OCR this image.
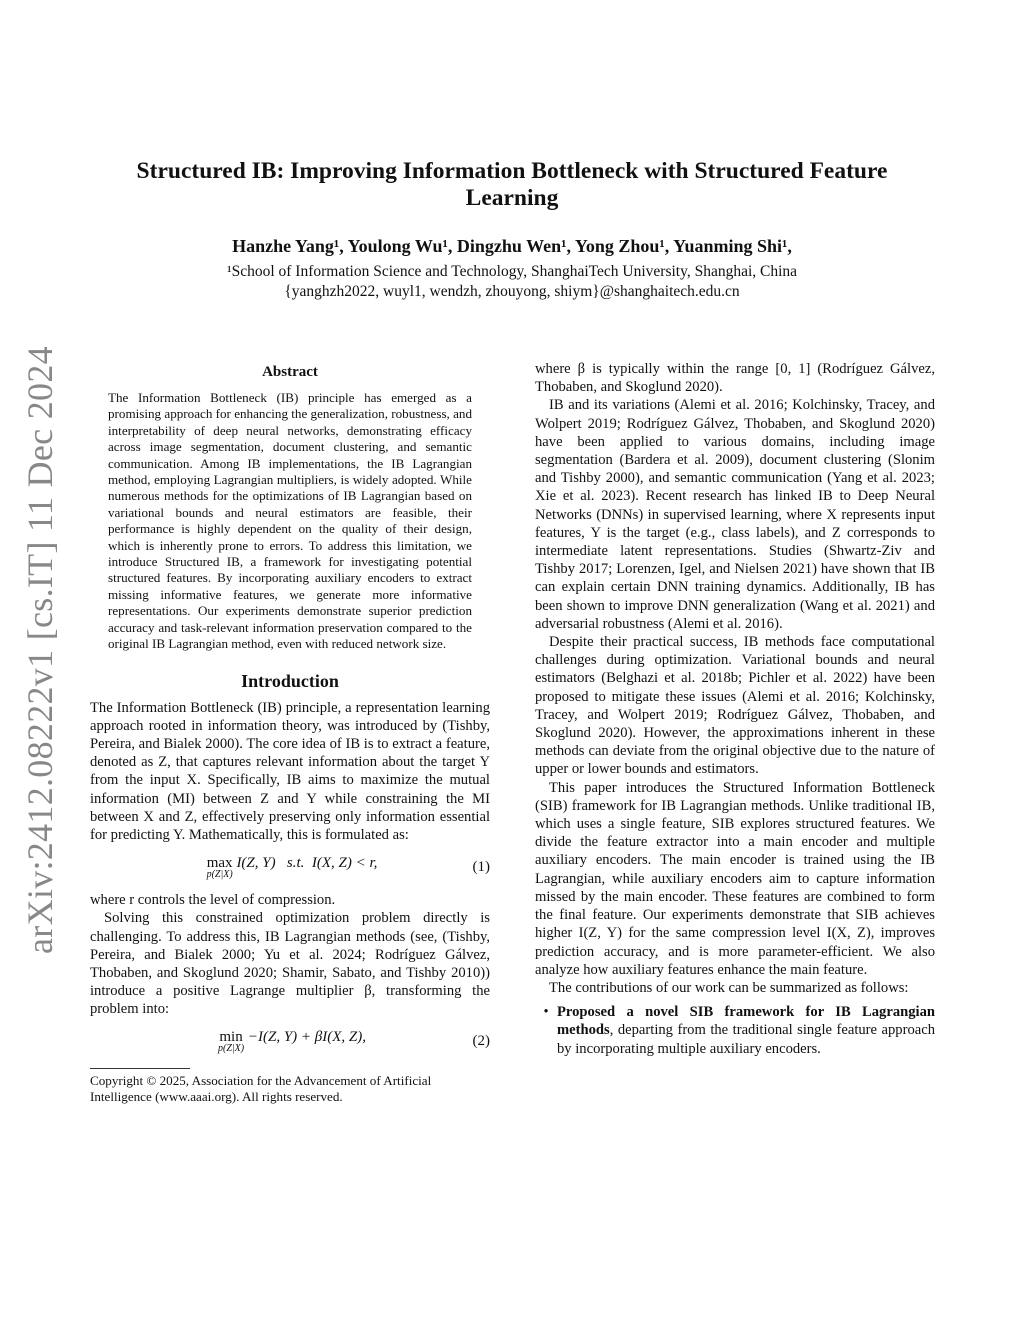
arXiv:2412.08222v1 [cs.IT] 11 Dec 2024
Structured IB: Improving Information Bottleneck with Structured Feature Learning
Hanzhe Yang¹, Youlong Wu¹, Dingzhu Wen¹, Yong Zhou¹, Yuanming Shi¹,
¹School of Information Science and Technology, ShanghaiTech University, Shanghai, China
{yanghzh2022, wuyl1, wendzh, zhouyong, shiym}@shanghaitech.edu.cn
Abstract

The Information Bottleneck (IB) principle has emerged as a promising approach for enhancing the generalization, robustness, and interpretability of deep neural networks, demonstrating efficacy across image segmentation, document clustering, and semantic communication. Among IB implementations, the IB Lagrangian method, employing Lagrangian multipliers, is widely adopted. While numerous methods for the optimizations of IB Lagrangian based on variational bounds and neural estimators are feasible, their performance is highly dependent on the quality of their design, which is inherently prone to errors. To address this limitation, we introduce Structured IB, a framework for investigating potential structured features. By incorporating auxiliary encoders to extract missing informative features, we generate more informative representations. Our experiments demonstrate superior prediction accuracy and task-relevant information preservation compared to the original IB Lagrangian method, even with reduced network size.

Introduction

The Information Bottleneck (IB) principle, a representation learning approach rooted in information theory, was introduced by (Tishby, Pereira, and Bialek 2000). The core idea of IB is to extract a feature, denoted as Z, that captures relevant information about the target Y from the input X. Specifically, IB aims to maximize the mutual information (MI) between Z and Y while constraining the MI between X and Z, effectively preserving only information essential for predicting Y. Mathematically, this is formulated as:

max
p(Z|X)
I(Z, Y)   s.t.  I(X, Z) < r,	(1)

where r controls the level of compression.

Solving this constrained optimization problem directly is challenging. To address this, IB Lagrangian methods (see, (Tishby, Pereira, and Bialek 2000; Yu et al. 2024; Rodríguez Gálvez, Thobaben, and Skoglund 2020; Shamir, Sabato, and Tishby 2010)) introduce a positive Lagrange multiplier β, transforming the problem into:

min
p(Z|X)
−I(Z, Y) + βI(X, Z),	(2)

Copyright © 2025, Association for the Advancement of Artificial Intelligence (www.aaai.org). All rights reserved.

where β is typically within the range [0, 1] (Rodríguez Gálvez, Thobaben, and Skoglund 2020).

IB and its variations (Alemi et al. 2016; Kolchinsky, Tracey, and Wolpert 2019; Rodríguez Gálvez, Thobaben, and Skoglund 2020) have been applied to various domains, including image segmentation (Bardera et al. 2009), document clustering (Slonim and Tishby 2000), and semantic communication (Yang et al. 2023; Xie et al. 2023). Recent research has linked IB to Deep Neural Networks (DNNs) in supervised learning, where X represents input features, Y is the target (e.g., class labels), and Z corresponds to intermediate latent representations. Studies (Shwartz-Ziv and Tishby 2017; Lorenzen, Igel, and Nielsen 2021) have shown that IB can explain certain DNN training dynamics. Additionally, IB has been shown to improve DNN generalization (Wang et al. 2021) and adversarial robustness (Alemi et al. 2016).

Despite their practical success, IB methods face computational challenges during optimization. Variational bounds and neural estimators (Belghazi et al. 2018b; Pichler et al. 2022) have been proposed to mitigate these issues (Alemi et al. 2016; Kolchinsky, Tracey, and Wolpert 2019; Rodríguez Gálvez, Thobaben, and Skoglund 2020). However, the approximations inherent in these methods can deviate from the original objective due to the nature of upper or lower bounds and estimators.

This paper introduces the Structured Information Bottleneck (SIB) framework for IB Lagrangian methods. Unlike traditional IB, which uses a single feature, SIB explores structured features. We divide the feature extractor into a main encoder and multiple auxiliary encoders. The main encoder is trained using the IB Lagrangian, while auxiliary encoders aim to capture information missed by the main encoder. These features are combined to form the final feature. Our experiments demonstrate that SIB achieves higher I(Z, Y) for the same compression level I(X, Z), improves prediction accuracy, and is more parameter-efficient. We also analyze how auxiliary features enhance the main feature.

The contributions of our work can be summarized as follows:

• Proposed a novel SIB framework for IB Lagrangian methods, departing from the traditional single feature approach by incorporating multiple auxiliary encoders.
